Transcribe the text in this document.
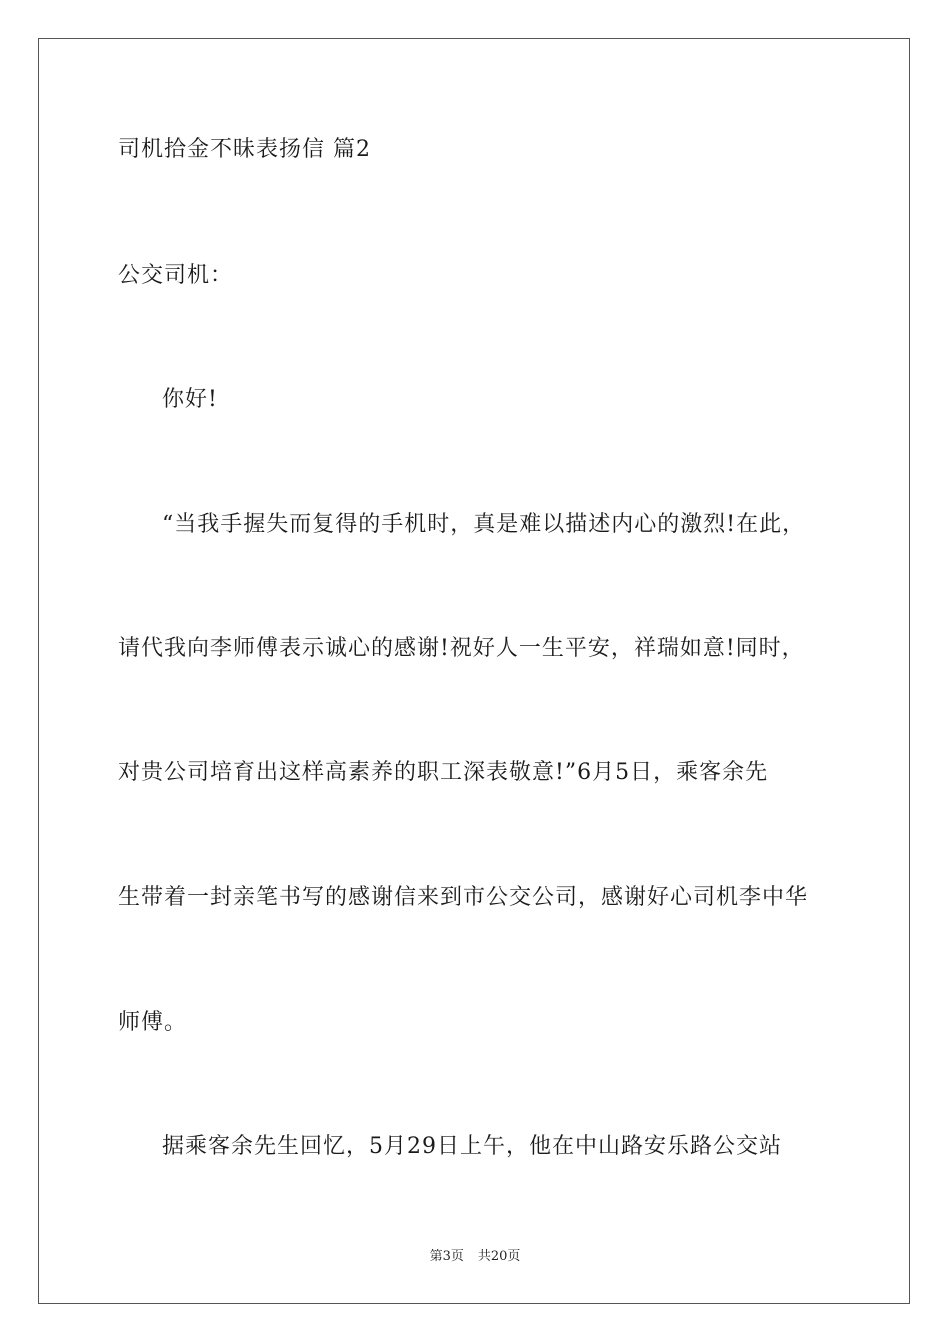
司机拾金不昧表扬信 篇2
公交司机：
你好!
“当我手握失而复得的手机时，真是难以描述内心的激烈!在此，
请代我向李师傅表示诚心的感谢!祝好人一生平安，祥瑞如意!同时，
对贵公司培育出这样高素养的职工深表敬意!”6月5日，乘客余先
生带着一封亲笔书写的感谢信来到市公交公司，感谢好心司机李中华
师傅。
据乘客余先生回忆，5月29日上午，他在中山路安乐路公交站
第3页 共20页
